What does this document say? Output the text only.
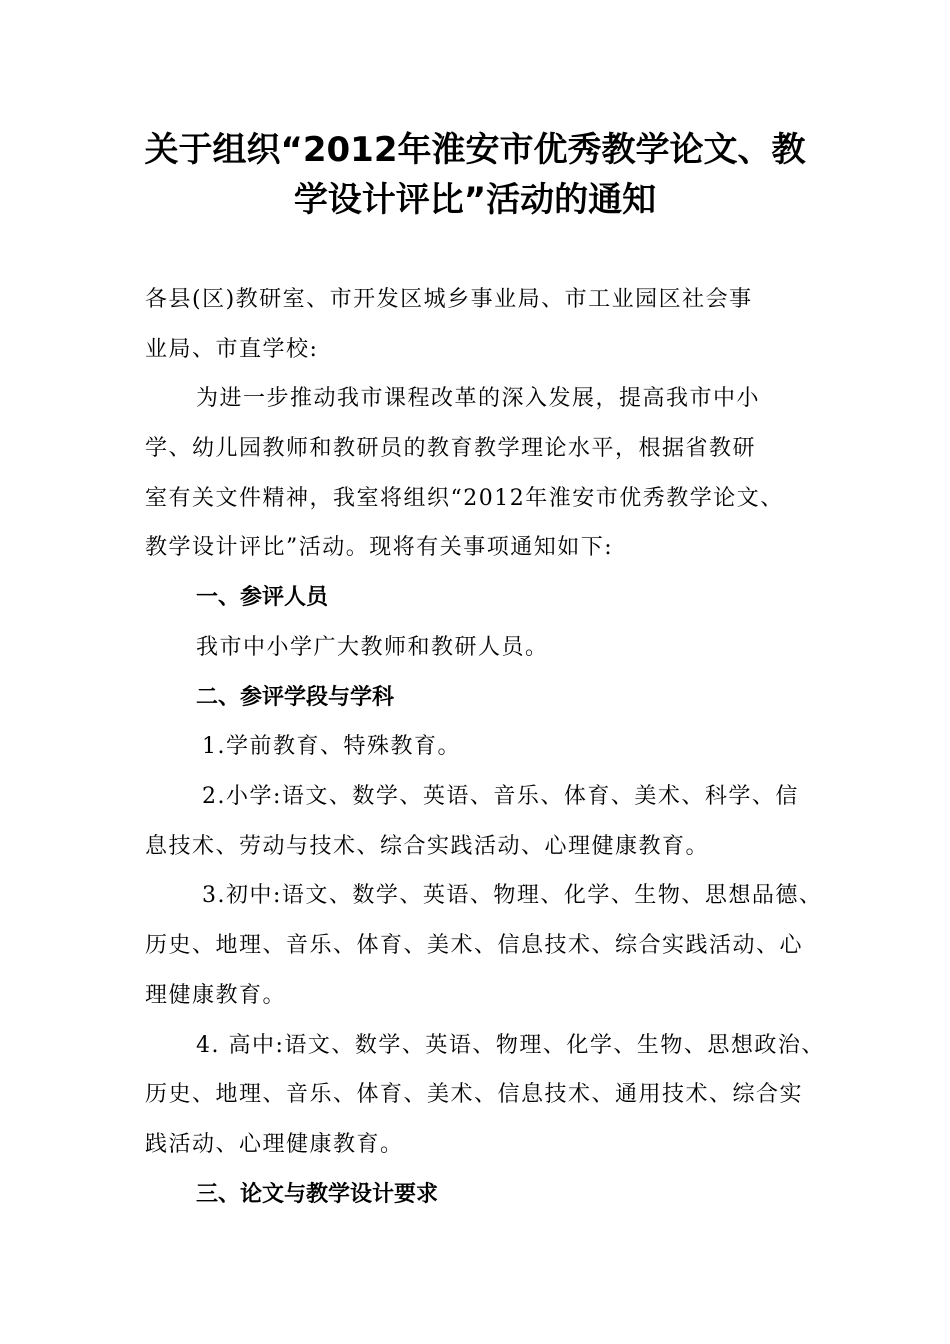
关于组织“2012年淮安市优秀教学论文、教
学设计评比”活动的通知
各县(区)教研室、市开发区城乡事业局、市工业园区社会事
业局、市直学校:
为进一步推动我市课程改革的深入发展，提高我市中小
学、幼儿园教师和教研员的教育教学理论水平，根据省教研
室有关文件精神，我室将组织“2012年淮安市优秀教学论文、
教学设计评比”活动。现将有关事项通知如下:
一、参评人员
我市中小学广大教师和教研人员。
二、参评学段与学科
1.学前教育、特殊教育。
2.小学:语文、数学、英语、音乐、体育、美术、科学、信
息技术、劳动与技术、综合实践活动、心理健康教育。
3.初中:语文、数学、英语、物理、化学、生物、思想品德、
历史、地理、音乐、体育、美术、信息技术、综合实践活动、心
理健康教育。
4. 高中:语文、数学、英语、物理、化学、生物、思想政治、
历史、地理、音乐、体育、美术、信息技术、通用技术、综合实
践活动、心理健康教育。
三、论文与教学设计要求
